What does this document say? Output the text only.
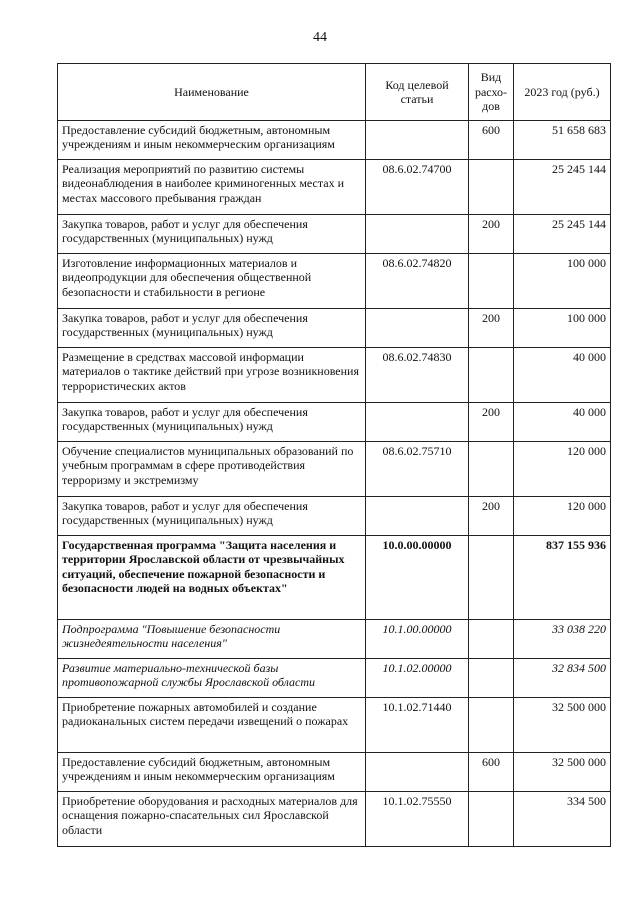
44
Наименование	Код целевой статьи	Вид расхо-дов	2023 год (руб.)
Предоставление субсидий бюджетным, автономным учреждениям и иным некоммерческим организациям		600	51 658 683
Реализация мероприятий по развитию системы видеонаблюдения в наиболее криминогенных местах и местах массового пребывания граждан	08.6.02.74700		25 245 144
Закупка товаров, работ и услуг для обеспечения государственных (муниципальных) нужд		200	25 245 144
Изготовление информационных материалов и видеопродукции для обеспечения общественной безопасности и стабильности в регионе	08.6.02.74820		100 000
Закупка товаров, работ и услуг для обеспечения государственных (муниципальных) нужд		200	100 000
Размещение в средствах массовой информации материалов о тактике действий при угрозе возникновения террористических актов	08.6.02.74830		40 000
Закупка товаров, работ и услуг для обеспечения государственных (муниципальных) нужд		200	40 000
Обучение специалистов муниципальных образований по учебным программам в сфере противодействия терроризму и экстремизму	08.6.02.75710		120 000
Закупка товаров, работ и услуг для обеспечения государственных (муниципальных) нужд		200	120 000
Государственная программа "Защита населения и территории Ярославской области от чрезвычайных ситуаций, обеспечение пожарной безопасности и безопасности людей на водных объектах"	10.0.00.00000		837 155 936
Подпрограмма "Повышение безопасности жизнедеятельности населения"	10.1.00.00000		33 038 220
Развитие материально-технической базы противопожарной службы Ярославской области	10.1.02.00000		32 834 500
Приобретение пожарных автомобилей и создание радиоканальных систем передачи извещений о пожарах	10.1.02.71440		32 500 000
Предоставление субсидий бюджетным, автономным учреждениям и иным некоммерческим организациям		600	32 500 000
Приобретение оборудования и расходных материалов для оснащения пожарно-спасательных сил Ярославской области	10.1.02.75550		334 500
